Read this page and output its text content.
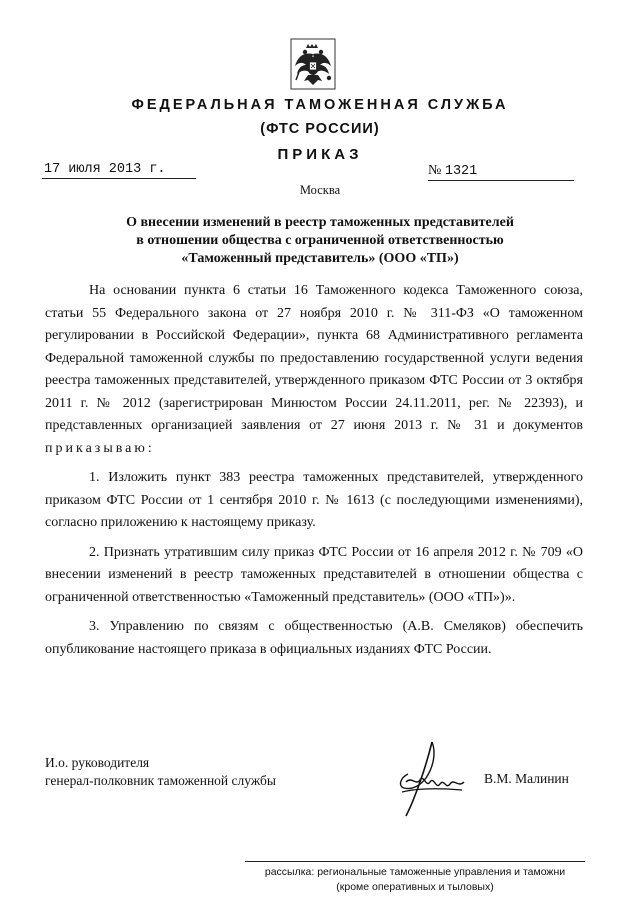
ФЕДЕРАЛЬНАЯ ТАМОЖЕННАЯ СЛУЖБА
(ФТС РОССИИ)
ПРИКАЗ
17 июля 2013 г.	№ 1321
Москва
О внесении изменений в реестр таможенных представителей
в отношении общества с ограниченной ответственностью
«Таможенный представитель» (ООО «ТП»)

На основании пункта 6 статьи 16 Таможенного кодекса Таможенного союза, статьи 55 Федерального закона от 27 ноября 2010 г. № 311-ФЗ «О таможенном регулировании в Российской Федерации», пункта 68 Административного регламента Федеральной таможенной службы по предоставлению государственной услуги ведения реестра таможенных представителей, утвержденного приказом ФТС России от 3 октября 2011 г. № 2012 (зарегистрирован Минюстом России 24.11.2011, рег. № 22393), и представленных организацией заявления от 27 июня 2013 г. № 31 и документов приказываю:

1. Изложить пункт 383 реестра таможенных представителей, утвержденного приказом ФТС России от 1 сентября 2010 г. № 1613 (с последующими изменениями), согласно приложению к настоящему приказу.

2. Признать утратившим силу приказ ФТС России от 16 апреля 2012 г. № 709 «О внесении изменений в реестр таможенных представителей в отношении общества с ограниченной ответственностью «Таможенный представитель» (ООО «ТП»)».

3. Управлению по связям с общественностью (А.В. Смеляков) обеспечить опубликование настоящего приказа в официальных изданиях ФТС России.

И.о. руководителя
генерал-полковник таможенной службы	В.М. Малинин
рассылка: региональные таможенные управления и таможни
(кроме оперативных и тыловых)
